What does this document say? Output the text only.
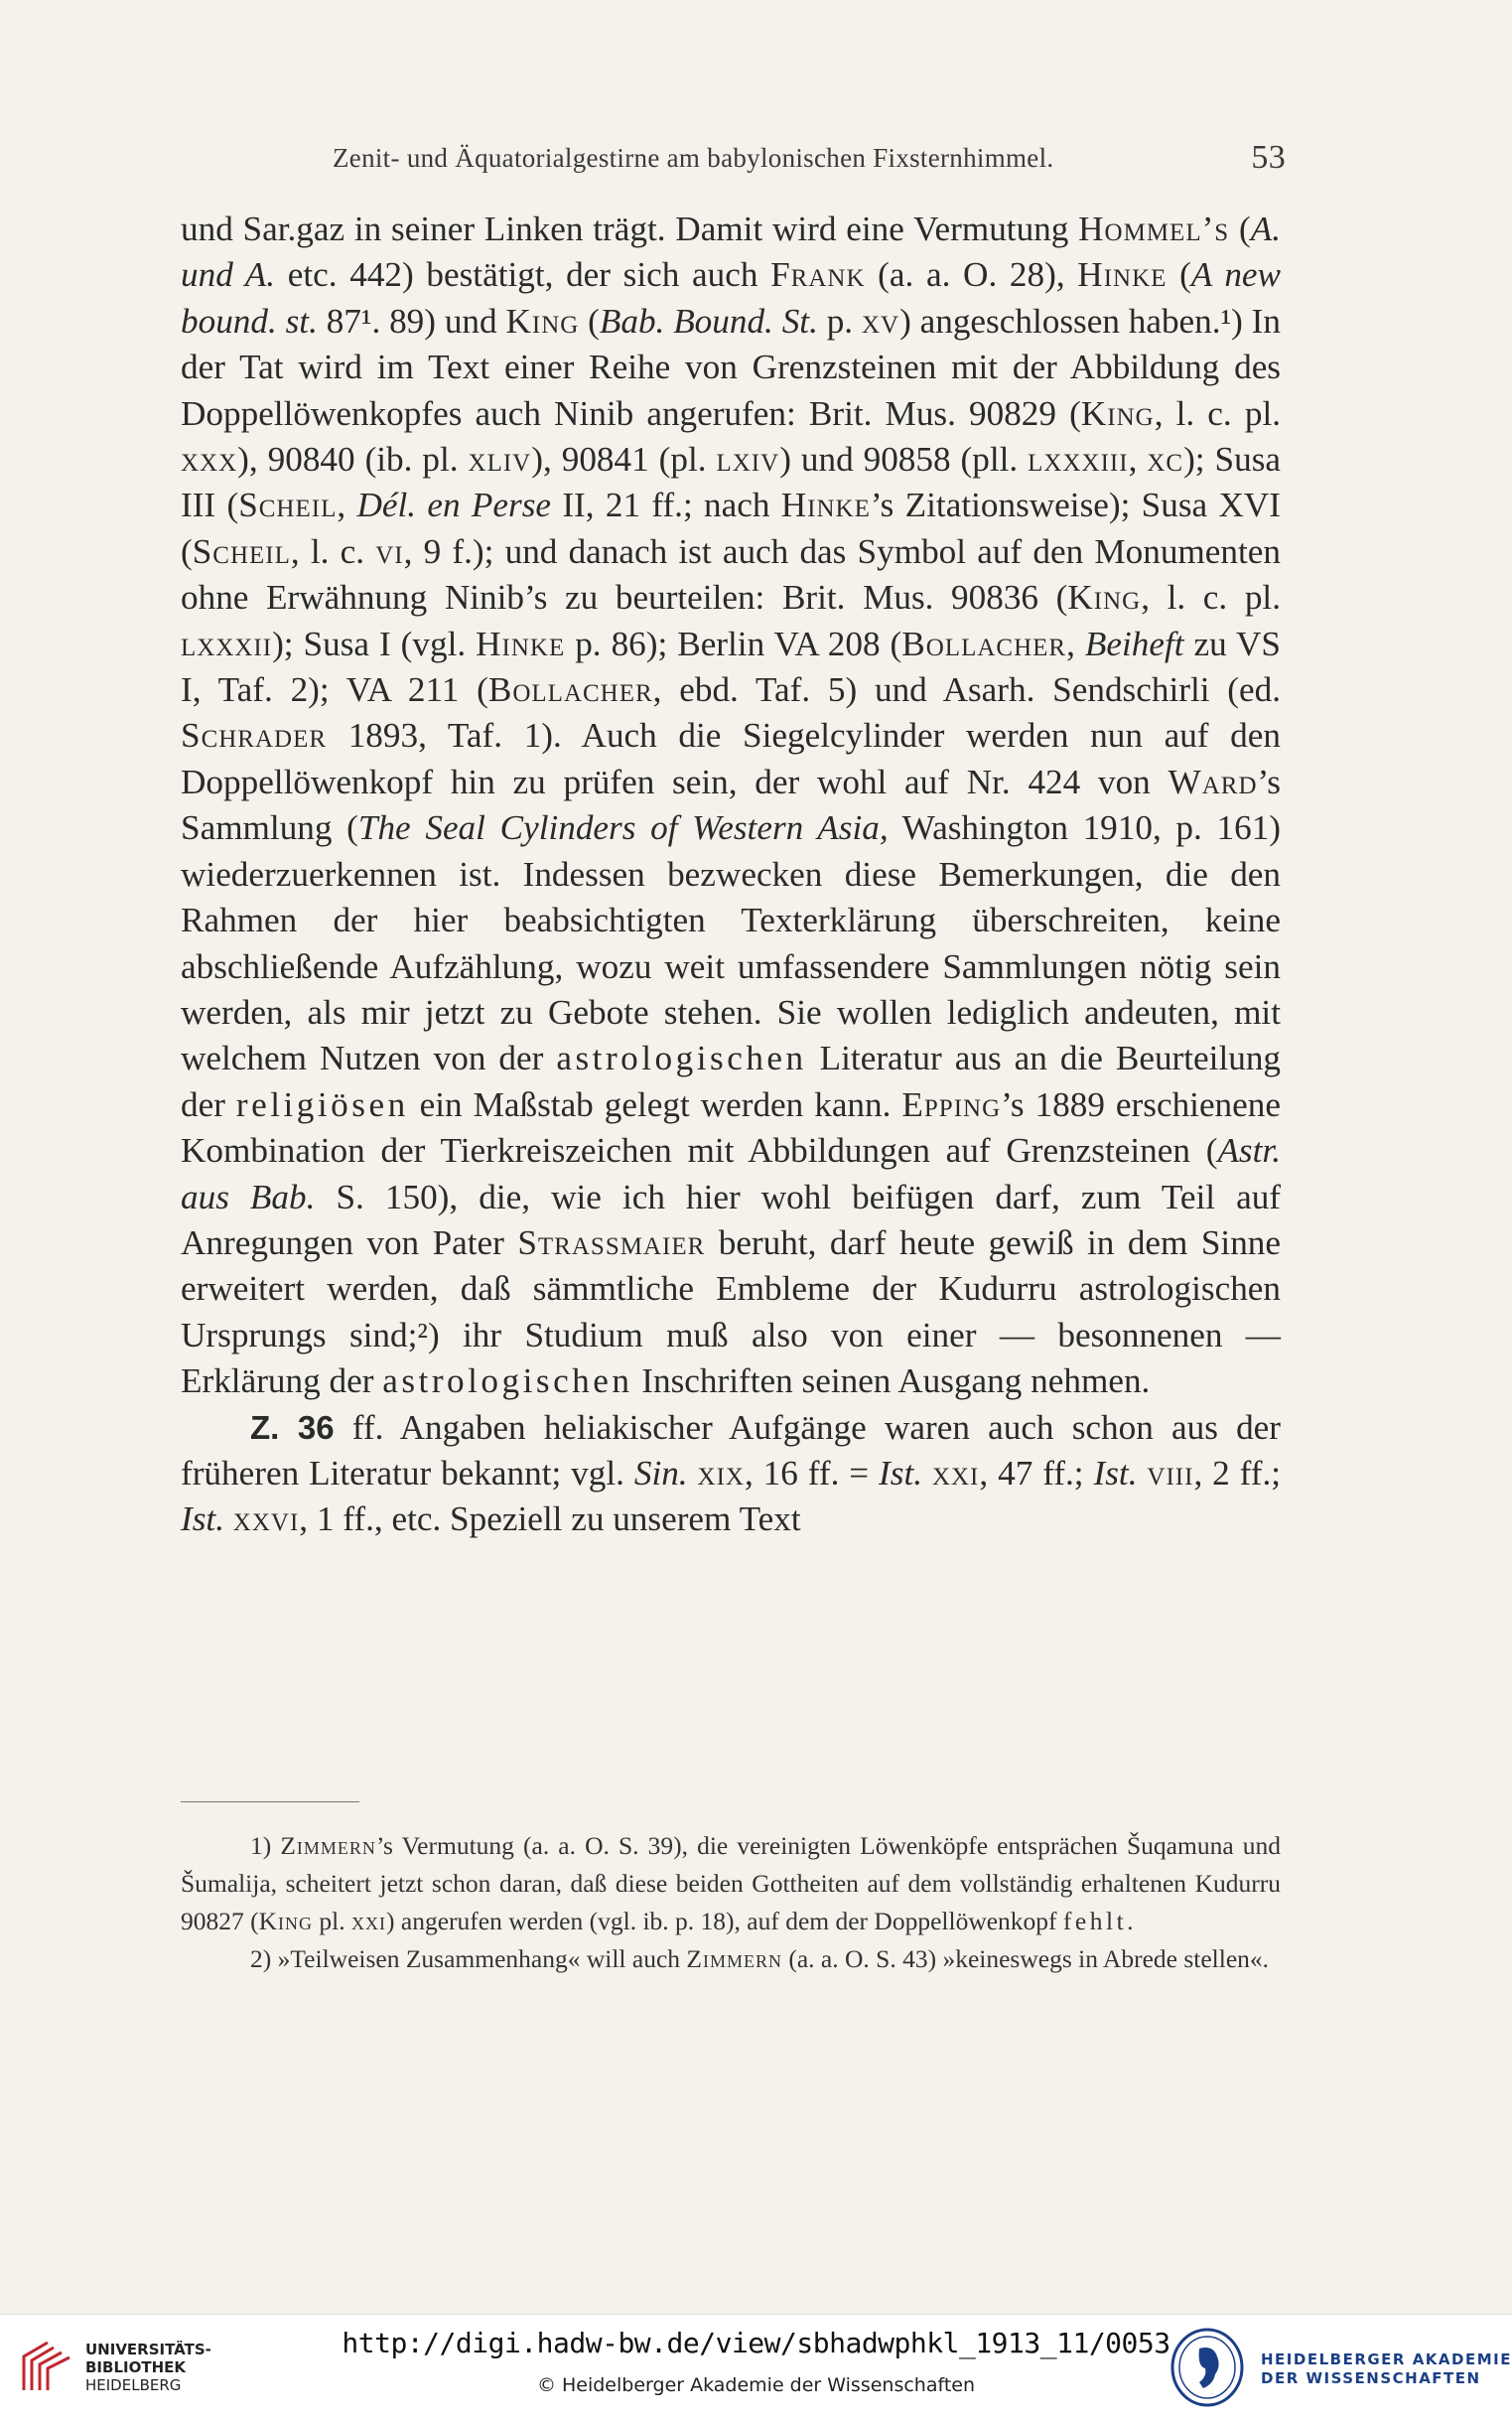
Zenit- und Äquatorialgestirne am babylonischen Fixsternhimmel.	53

und Sar.gaz in seiner Linken trägt. Damit wird eine Vermutung Hommel’s (A. und A. etc. 442) bestätigt, der sich auch Frank (a. a. O. 28), Hinke (A new bound. st. 87¹. 89) und King (Bab. Bound. St. p. xv) angeschlossen haben.¹) In der Tat wird im Text einer Reihe von Grenzsteinen mit der Abbildung des Doppellöwenkopfes auch Ninib angerufen: Brit. Mus. 90829 (King, l. c. pl. xxx), 90840 (ib. pl. xliv), 90841 (pl. lxiv) und 90858 (pll. lxxxiii, xc); Susa III (Scheil, Dél. en Perse II, 21 ff.; nach Hinke’s Zitationsweise); Susa XVI (Scheil, l. c. vi, 9 f.); und danach ist auch das Symbol auf den Monumenten ohne Erwähnung Ninib’s zu beurteilen: Brit. Mus. 90836 (King, l. c. pl. lxxxii); Susa I (vgl. Hinke p. 86); Berlin VA 208 (Bollacher, Beiheft zu VS I, Taf. 2); VA 211 (Bollacher, ebd. Taf. 5) und Asarh. Sendschirli (ed. Schrader 1893, Taf. 1). Auch die Siegelcylinder werden nun auf den Doppellöwenkopf hin zu prüfen sein, der wohl auf Nr. 424 von Ward’s Sammlung (The Seal Cylinders of Western Asia, Washington 1910, p. 161) wiederzuerkennen ist. Indessen bezwecken diese Bemerkungen, die den Rahmen der hier beabsichtigten Texterklärung überschreiten, keine abschließende Aufzählung, wozu weit umfassendere Sammlungen nötig sein werden, als mir jetzt zu Gebote stehen. Sie wollen lediglich andeuten, mit welchem Nutzen von der astrologischen Literatur aus an die Beurteilung der religiösen ein Maßstab gelegt werden kann. Epping’s 1889 erschienene Kombination der Tierkreiszeichen mit Abbildungen auf Grenzsteinen (Astr. aus Bab. S. 150), die, wie ich hier wohl beifügen darf, zum Teil auf Anregungen von Pater Strassmaier beruht, darf heute gewiß in dem Sinne erweitert werden, daß sämmtliche Embleme der Kudurru astrologischen Ursprungs sind;²) ihr Studium muß also von einer — besonnenen — Erklärung der astrologischen Inschriften seinen Ausgang nehmen.

Z. 36 ff. Angaben heliakischer Aufgänge waren auch schon aus der früheren Literatur bekannt; vgl. Sin. xix, 16 ff. = Ist. xxi, 47 ff.; Ist. viii, 2 ff.; Ist. xxvi, 1 ff., etc. Speziell zu unserem Text

1) Zimmern’s Vermutung (a. a. O. S. 39), die vereinigten Löwenköpfe entsprächen Šuqamuna und Šumalija, scheitert jetzt schon daran, daß diese beiden Gottheiten auf dem vollständig erhaltenen Kudurru 90827 (King pl. xxi) angerufen werden (vgl. ib. p. 18), auf dem der Doppellöwenkopf fehlt.

2) »Teilweisen Zusammenhang« will auch Zimmern (a. a. O. S. 43) »keineswegs in Abrede stellen«.

UNIVERSITÄTS-
BIBLIOTHEK
HEIDELBERG
http://digi.hadw-bw.de/view/sbhadwphkl_1913_11/0053
© Heidelberger Akademie der Wissenschaften
HEIDELBERGER AKADEMIE
DER WISSENSCHAFTEN
